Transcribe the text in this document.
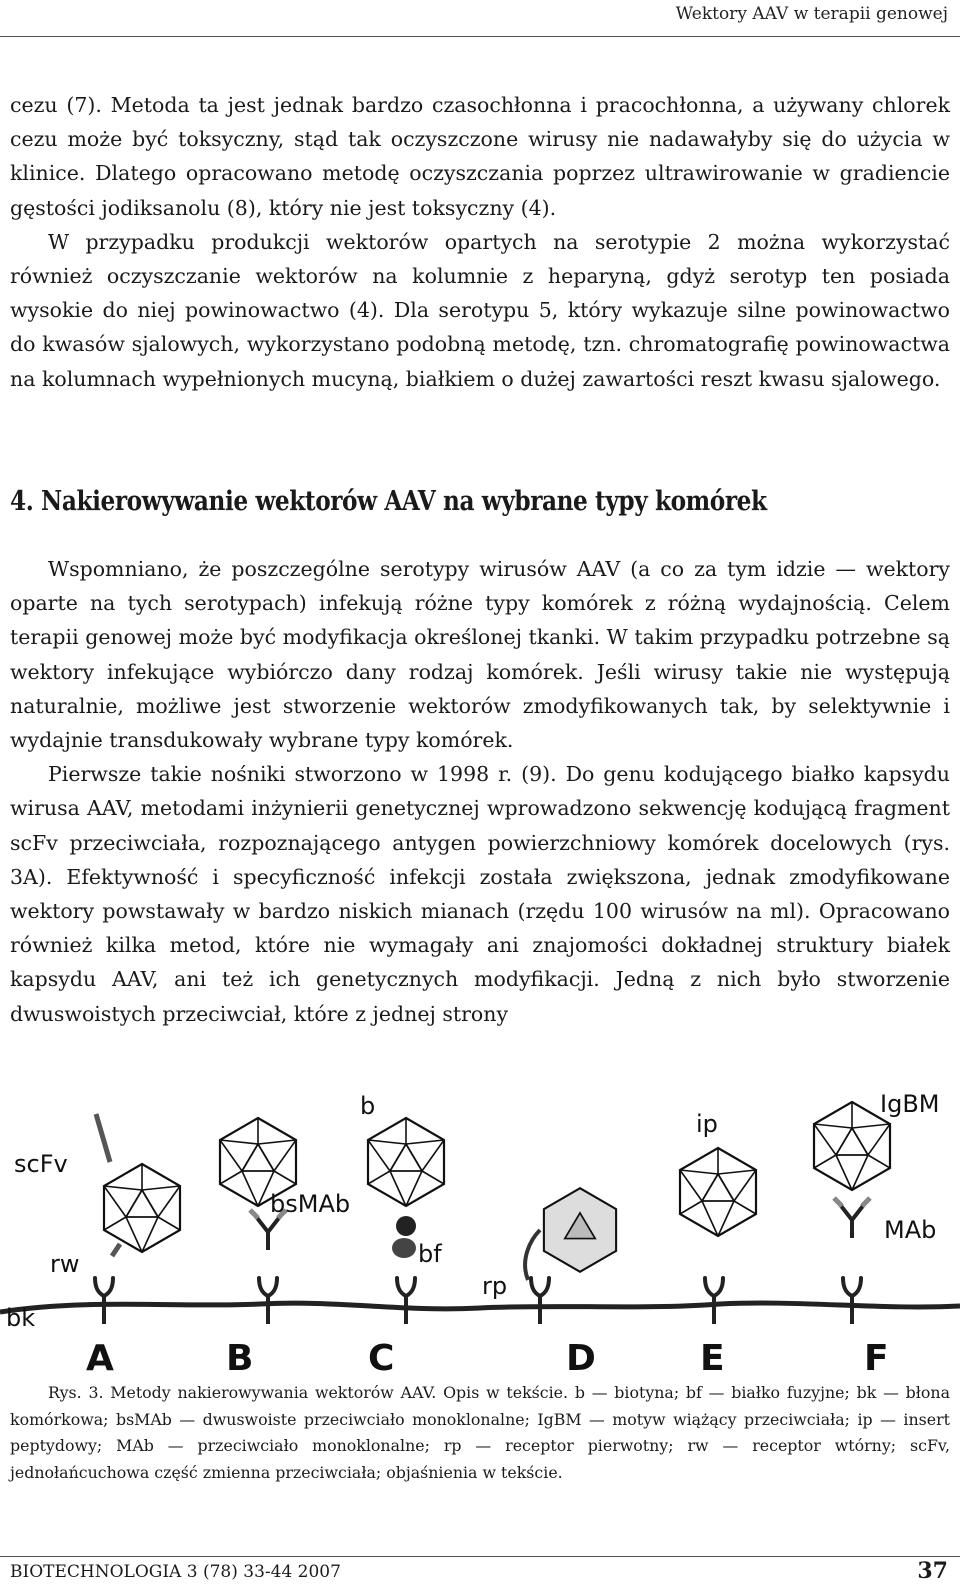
Wektory AAV w terapii genowej

cezu (7). Metoda ta jest jednak bardzo czasochłonna i pracochłonna, a używany chlorek cezu może być toksyczny, stąd tak oczyszczone wirusy nie nadawałyby się do użycia w klinice. Dlatego opracowano metodę oczyszczania poprzez ultrawirowanie w gradiencie gęstości jodiksanolu (8), który nie jest toksyczny (4).

W przypadku produkcji wektorów opartych na serotypie 2 można wykorzystać również oczyszczanie wektorów na kolumnie z heparyną, gdyż serotyp ten posiada wysokie do niej powinowactwo (4). Dla serotypu 5, który wykazuje silne powinowactwo do kwasów sjalowych, wykorzystano podobną metodę, tzn. chromatografię powinowactwa na kolumnach wypełnionych mucyną, białkiem o dużej zawartości reszt kwasu sjalowego.

4. Nakierowywanie wektorów AAV na wybrane typy komórek

Wspomniano, że poszczególne serotypy wirusów AAV (a co za tym idzie — wektory oparte na tych serotypach) infekują różne typy komórek z różną wydajnością. Celem terapii genowej może być modyfikacja określonej tkanki. W takim przypadku potrzebne są wektory infekujące wybiórczo dany rodzaj komórek. Jeśli wirusy takie nie występują naturalnie, możliwe jest stworzenie wektorów zmodyfikowanych tak, by selektywnie i wydajnie transdukowały wybrane typy komórek.

Pierwsze takie nośniki stworzono w 1998 r. (9). Do genu kodującego białko kapsydu wirusa AAV, metodami inżynierii genetycznej wprowadzono sekwencję kodującą fragment scFv przeciwciała, rozpoznającego antygen powierzchniowy komórek docelowych (rys. 3A). Efektywność i specyficzność infekcji została zwiększona, jednak zmodyfikowane wektory powstawały w bardzo niskich mianach (rzędu 100 wirusów na ml). Opracowano również kilka metod, które nie wymagały ani znajomości dokładnej struktury białek kapsydu AAV, ani też ich genetycznych modyfikacji. Jedną z nich było stworzenie dwuswoistych przeciwciał, które z jednej strony

scFv
rw
bk
bsMAb
b
bf
rp
ip
IgBM
MAb
A	B	C	D	E	F
Rys. 3. Metody nakierowywania wektorów AAV. Opis w tekście. b — biotyna; bf — białko fuzyjne; bk — błona komórkowa; bsMAb — dwuswoiste przeciwciało monoklonalne; IgBM — motyw wiążący przeciwciała; ip — insert peptydowy; MAb — przeciwciało monoklonalne; rp — receptor pierwotny; rw — receptor wtórny; scFv, jednołańcuchowa część zmienna przeciwciała; objaśnienia w tekście.
BIOTECHNOLOGIA 3 (78) 33-44 2007	37
